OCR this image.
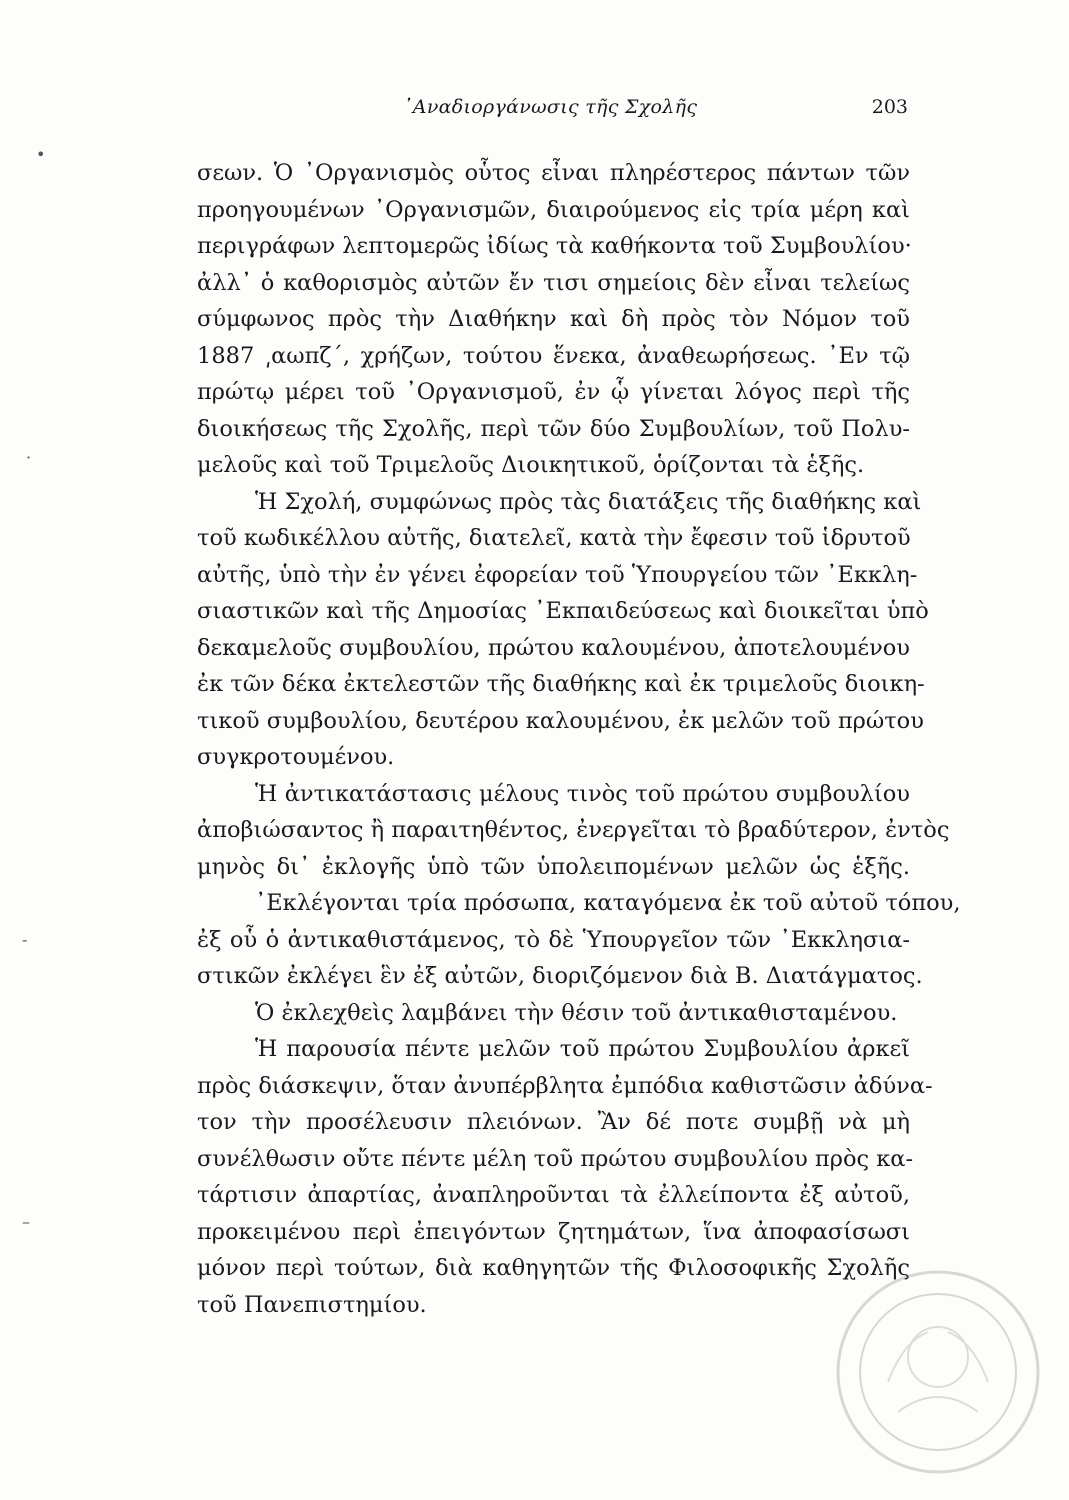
᾿Αναδιοργάνωσις τῆς Σχολῆς	203
σεων. Ὁ ᾿Οργανισμὸς οὗτος εἶναι πληρέστερος πάντων τῶν
προηγουμένων ᾿Οργανισμῶν, διαιρούμενος εἰς τρία μέρη καὶ
περιγράφων λεπτομερῶς ἰδίως τὰ καθήκοντα τοῦ Συμβουλίου·
ἀλλ᾿ ὁ καθορισμὸς αὐτῶν ἔν τισι σημείοις δὲν εἶναι τελείως
σύμφωνος πρὸς τὴν Διαθήκην καὶ δὴ πρὸς τὸν Νόμον τοῦ
1887 ͵αωπζ΄, χρήζων, τούτου ἕνεκα, ἀναθεωρήσεως. ᾿Εν τῷ
πρώτῳ μέρει τοῦ ᾿Οργανισμοῦ, ἐν ᾧ γίνεται λόγος περὶ τῆς
διοικήσεως τῆς Σχολῆς, περὶ τῶν δύο Συμβουλίων, τοῦ Πολυ-
μελοῦς καὶ τοῦ Τριμελοῦς Διοικητικοῦ, ὁρίζονται τὰ ἑξῆς.
Ἡ Σχολή, συμφώνως πρὸς τὰς διατάξεις τῆς διαθήκης καὶ
τοῦ κωδικέλλου αὐτῆς, διατελεῖ, κατὰ τὴν ἔφεσιν τοῦ ἱδρυτοῦ
αὐτῆς, ὑπὸ τὴν ἐν γένει ἐφορείαν τοῦ Ὑπουργείου τῶν ᾿Εκκλη-
σιαστικῶν καὶ τῆς Δημοσίας ᾿Εκπαιδεύσεως καὶ διοικεῖται ὑπὸ
δεκαμελοῦς συμβουλίου, πρώτου καλουμένου, ἀποτελουμένου
ἐκ τῶν δέκα ἐκτελεστῶν τῆς διαθήκης καὶ ἐκ τριμελοῦς διοικη-
τικοῦ συμβουλίου, δευτέρου καλουμένου, ἐκ μελῶν τοῦ πρώτου
συγκροτουμένου.
Ἡ ἀντικατάστασις μέλους τινὸς τοῦ πρώτου συμβουλίου
ἀποβιώσαντος ἢ παραιτηθέντος, ἐνεργεῖται τὸ βραδύτερον, ἐντὸς
μηνὸς δι᾿ ἐκλογῆς ὑπὸ τῶν ὑπολειπομένων μελῶν ὡς ἑξῆς.
᾿Εκλέγονται τρία πρόσωπα, καταγόμενα ἐκ τοῦ αὐτοῦ τόπου,
ἐξ οὗ ὁ ἀντικαθιστάμενος, τὸ δὲ Ὑπουργεῖον τῶν ᾿Εκκλησια-
στικῶν ἐκλέγει ἓν ἐξ αὐτῶν, διοριζόμενον διὰ Β. Διατάγματος.
Ὁ ἐκλεχθεὶς λαμβάνει τὴν θέσιν τοῦ ἀντικαθισταμένου.
Ἡ παρουσία πέντε μελῶν τοῦ πρώτου Συμβουλίου ἀρκεῖ
πρὸς διάσκεψιν, ὅταν ἀνυπέρβλητα ἐμπόδια καθιστῶσιν ἀδύνα-
τον τὴν προσέλευσιν πλειόνων. Ἂν δέ ποτε συμβῇ νὰ μὴ
συνέλθωσιν οὔτε πέντε μέλη τοῦ πρώτου συμβουλίου πρὸς κα-
τάρτισιν ἀπαρτίας, ἀναπληροῦνται τὰ ἐλλείποντα ἐξ αὐτοῦ,
προκειμένου περὶ ἐπειγόντων ζητημάτων, ἵνα ἀποφασίσωσι
μόνον περὶ τούτων, διὰ καθηγητῶν τῆς Φιλοσοφικῆς Σχολῆς
τοῦ Πανεπιστημίου.
•
·
-
–
